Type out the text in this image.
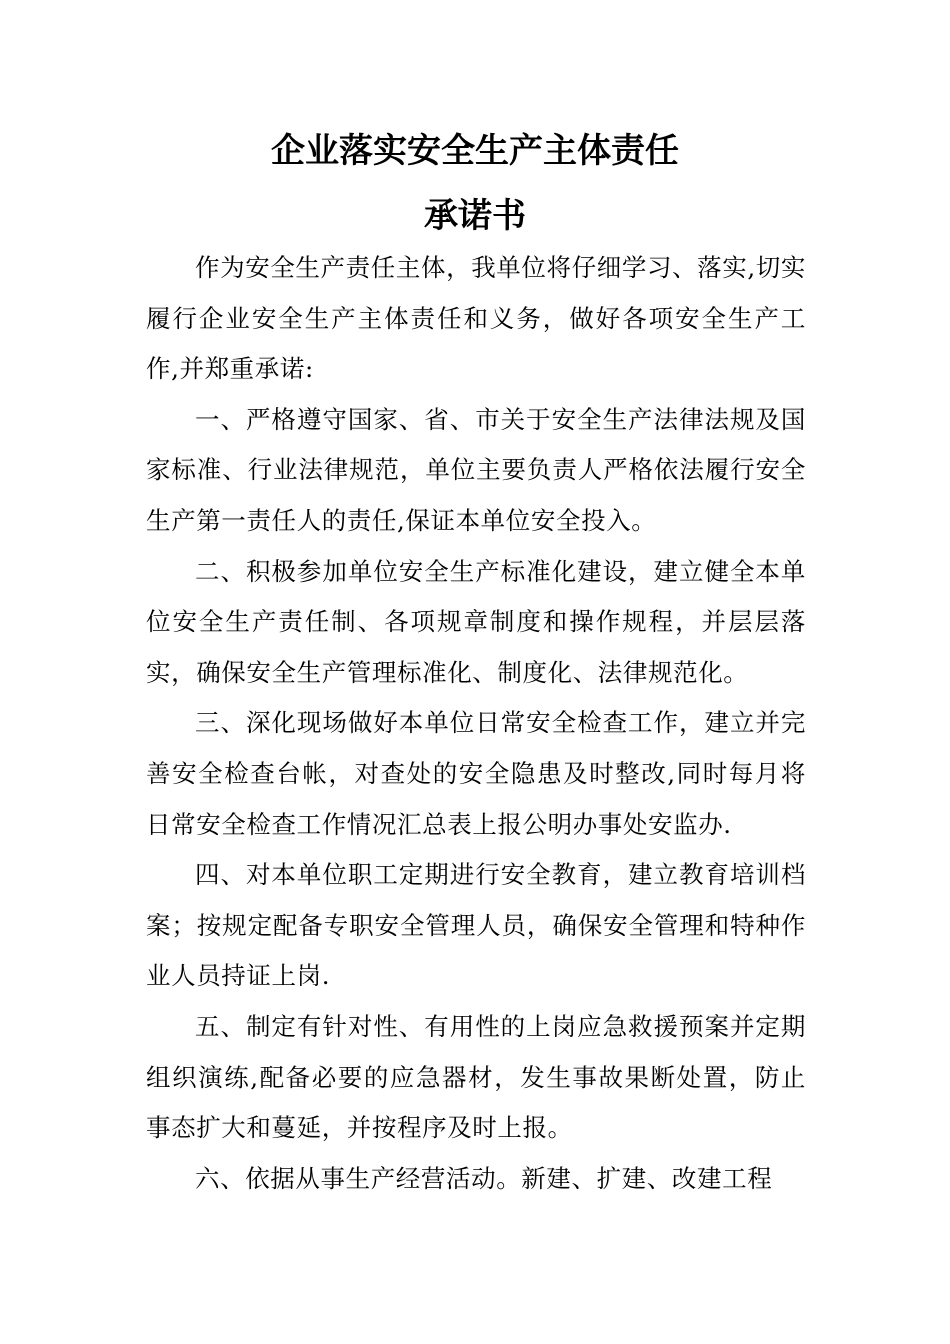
企业落实安全生产主体责任
承诺书

作为安全生产责任主体，我单位将仔细学习、落实,切实履行企业安全生产主体责任和义务，做好各项安全生产工作,并郑重承诺:

一、严格遵守国家、省、市关于安全生产法律法规及国家标准、行业法律规范，单位主要负责人严格依法履行安全生产第一责任人的责任,保证本单位安全投入。

二、积极参加单位安全生产标准化建设，建立健全本单位安全生产责任制、各项规章制度和操作规程，并层层落实，确保安全生产管理标准化、制度化、法律规范化。

三、深化现场做好本单位日常安全检查工作，建立并完善安全检查台帐，对查处的安全隐患及时整改,同时每月将日常安全检查工作情况汇总表上报公明办事处安监办.

四、对本单位职工定期进行安全教育，建立教育培训档案；按规定配备专职安全管理人员，确保安全管理和特种作业人员持证上岗.

五、制定有针对性、有用性的上岗应急救援预案并定期组织演练,配备必要的应急器材，发生事故果断处置，防止事态扩大和蔓延，并按程序及时上报。

六、依据从事生产经营活动。新建、扩建、改建工程
